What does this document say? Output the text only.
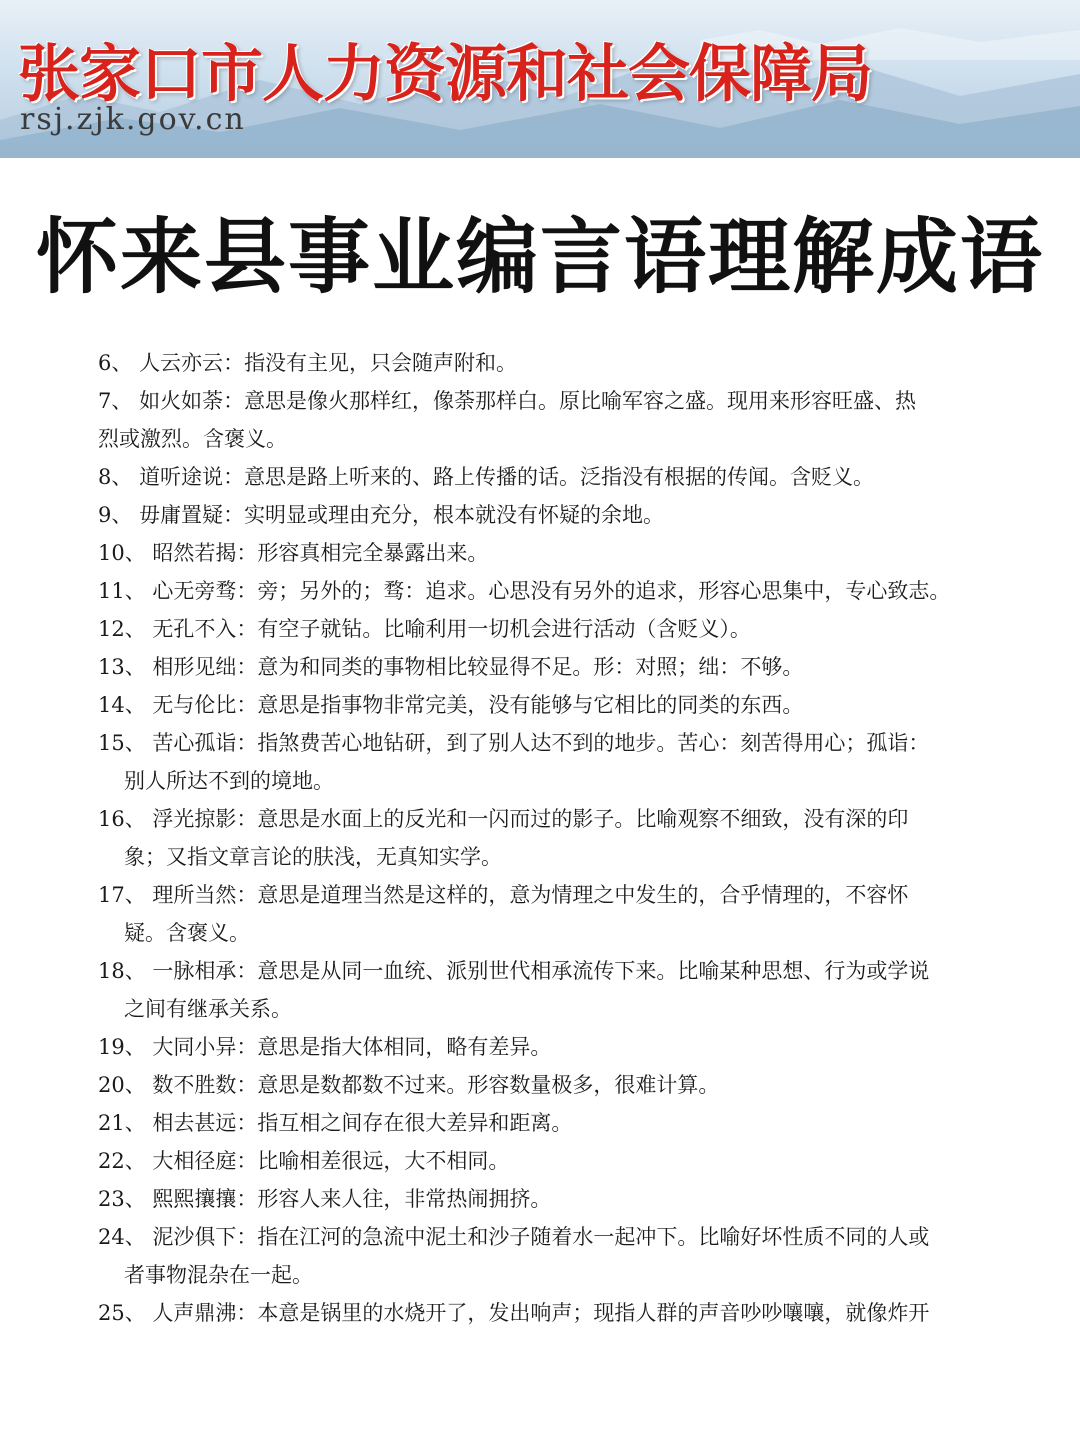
张家口市人力资源和社会保障局
rsj.zjk.gov.cn
怀来县事业编言语理解成语
6 、 人云亦云 ： 指没有主见，只会随声附和。
7 、 如火如荼 ： 意思是像火那样红，像荼那样白。原比喻军容之盛。现用来形容旺盛、热
烈或激烈。含褒义。
8 、 道听途说 ： 意思是路上听来的、路上传播的话。泛指没有根据的传闻。含贬义。
9 、 毋庸置疑 ： 实明显或理由充分，根本就没有怀疑的余地。
10 、 昭然若揭 ： 形容真相完全暴露出来。
11 、 心无旁骛 ： 旁；另外的；骛：追求。心思没有另外的追求，形容心思集中，专心致志。
12 、 无孔不入 ： 有空子就钻。比喻利用一切机会进行活动（含贬义）。
13 、 相形见绌 ： 意为和同类的事物相比较显得不足。形：对照；绌：不够。
14 、 无与伦比 ： 意思是指事物非常完美，没有能够与它相比的同类的东西。
15 、 苦心孤诣 ： 指煞费苦心地钻研，到了别人达不到的地步。苦心：刻苦得用心；孤诣：
别人所达不到的境地。
16 、 浮光掠影 ： 意思是水面上的反光和一闪而过的影子。比喻观察不细致，没有深的印
象；又指文章言论的肤浅，无真知实学。
17 、 理所当然 ： 意思是道理当然是这样的，意为情理之中发生的，合乎情理的，不容怀
疑。含褒义。
18 、 一脉相承 ： 意思是从同一血统、派别世代相承流传下来。比喻某种思想、行为或学说
之间有继承关系。
19 、 大同小异 ： 意思是指大体相同，略有差异。
20 、 数不胜数 ： 意思是数都数不过来。形容数量极多，很难计算。
21 、 相去甚远 ： 指互相之间存在很大差异和距离。
22 、 大相径庭 ： 比喻相差很远，大不相同。
23 、 熙熙攘攘 ： 形容人来人往，非常热闹拥挤。
24 、 泥沙俱下 ： 指在江河的急流中泥土和沙子随着水一起冲下。比喻好坏性质不同的人或
者事物混杂在一起。
25 、 人声鼎沸 ： 本意是锅里的水烧开了，发出响声；现指人群的声音吵吵嚷嚷，就像炸开
